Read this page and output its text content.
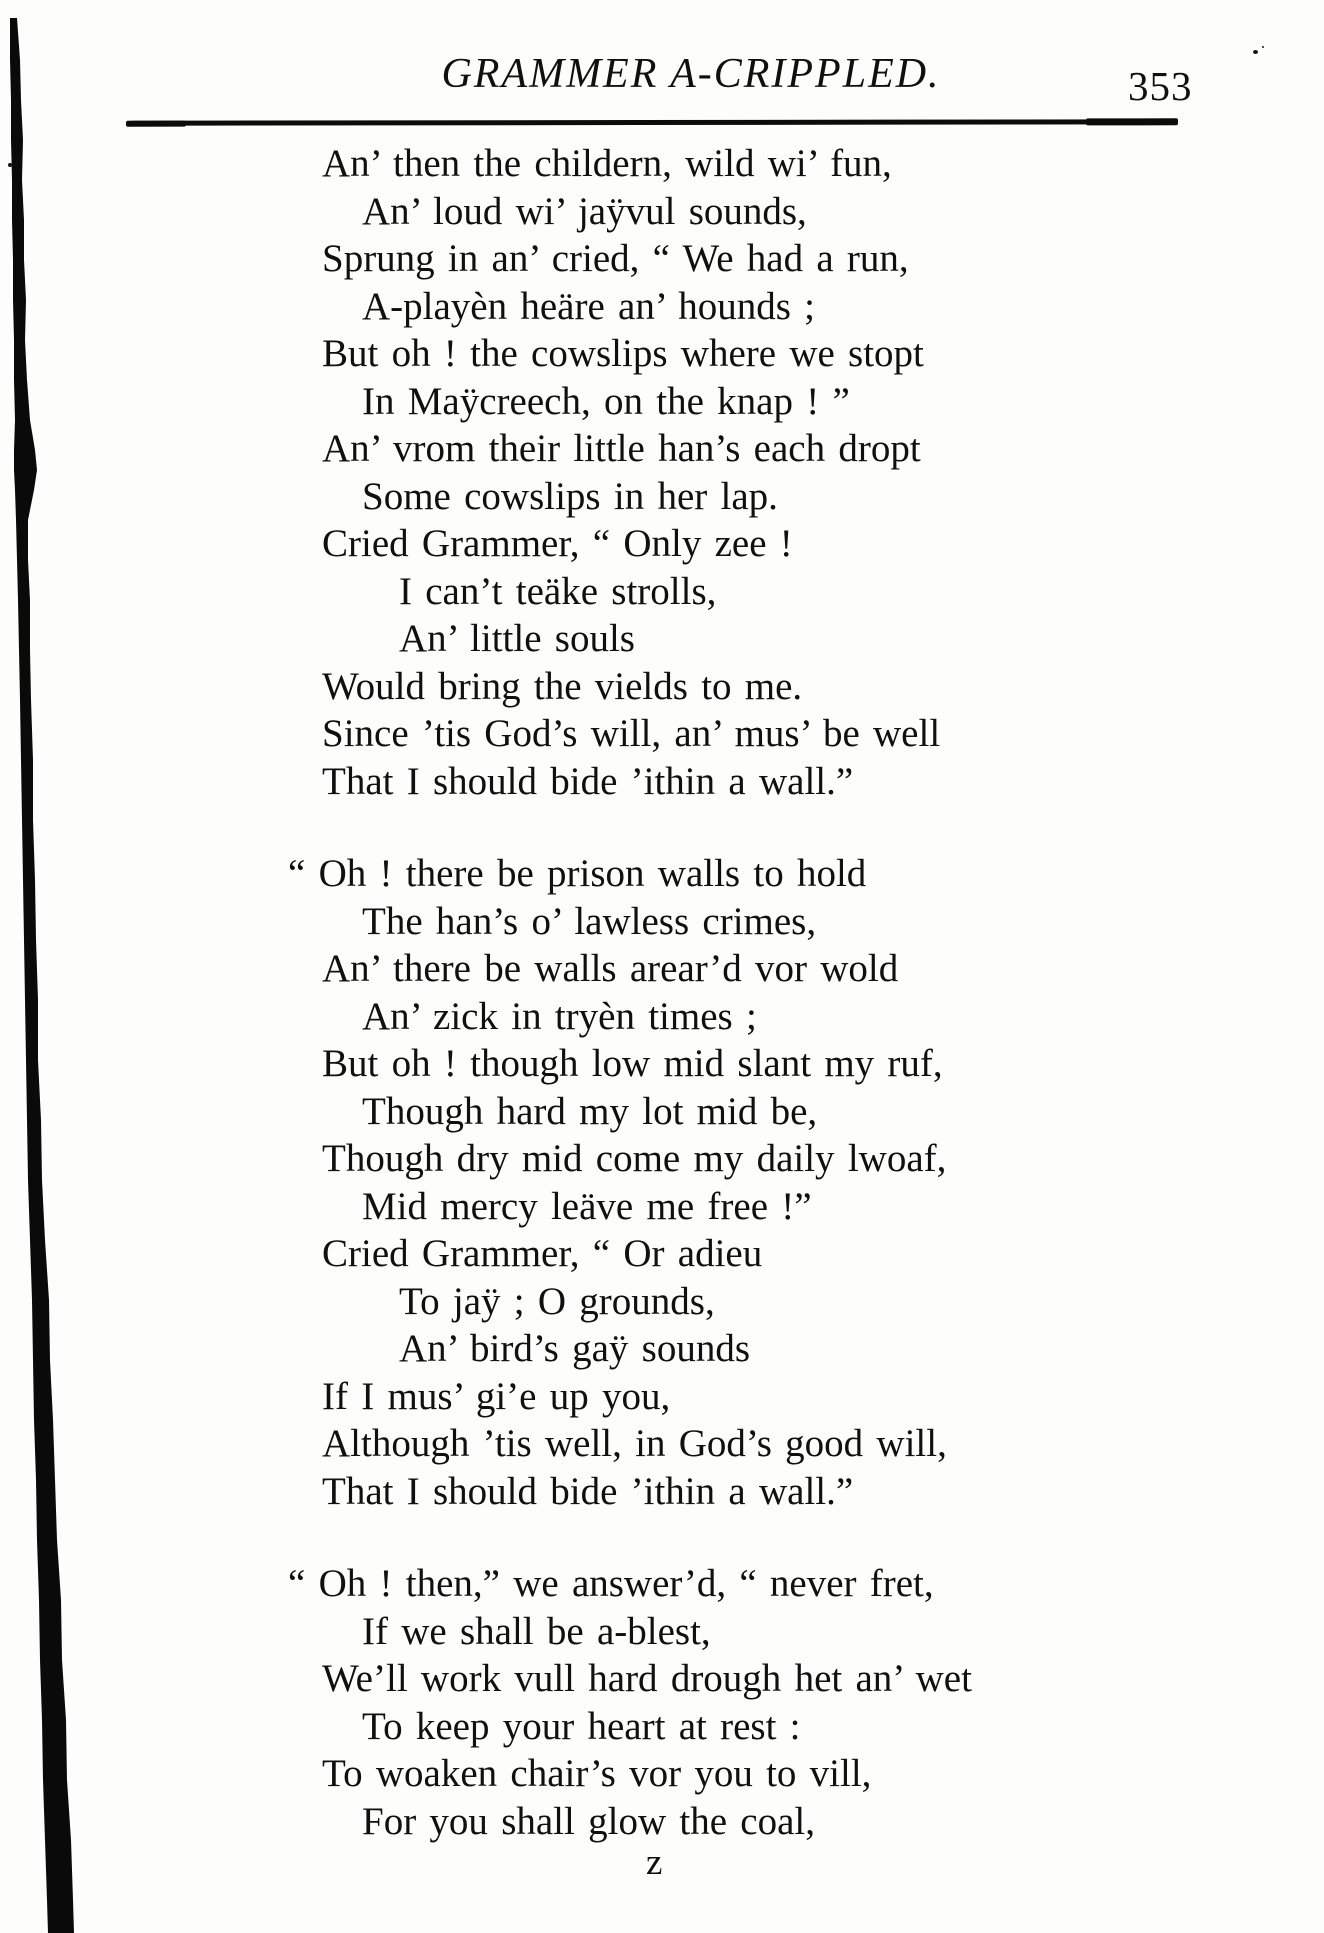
GRAMMER A-CRIPPLED.	353
An’ then the childern, wild wi’ fun,
An’ loud wi’ jaÿvul sounds,
Sprung in an’ cried, “ We had a run,
A-playèn heäre an’ hounds ;
But oh ! the cowslips where we stopt
In Maÿcreech, on the knap ! ”
An’ vrom their little han’s each dropt
Some cowslips in her lap.
Cried Grammer, “ Only zee !
I can’t teäke strolls,
An’ little souls
Would bring the vields to me.
Since ’tis God’s will, an’ mus’ be well
That I should bide ’ithin a wall.”
“ Oh ! there be prison walls to hold
The han’s o’ lawless crimes,
An’ there be walls arear’d vor wold
An’ zick in tryèn times ;
But oh ! though low mid slant my ruf,
Though hard my lot mid be,
Though dry mid come my daily lwoaf,
Mid mercy leäve me free !”
Cried Grammer, “ Or adieu
To jaÿ ; O grounds,
An’ bird’s gaÿ sounds
If I mus’ gi’e up you,
Although ’tis well, in God’s good will,
That I should bide ’ithin a wall.”
“ Oh ! then,” we answer’d, “ never fret,
If we shall be a-blest,
We’ll work vull hard drough het an’ wet
To keep your heart at rest :
To woaken chair’s vor you to vill,
For you shall glow the coal,
z
